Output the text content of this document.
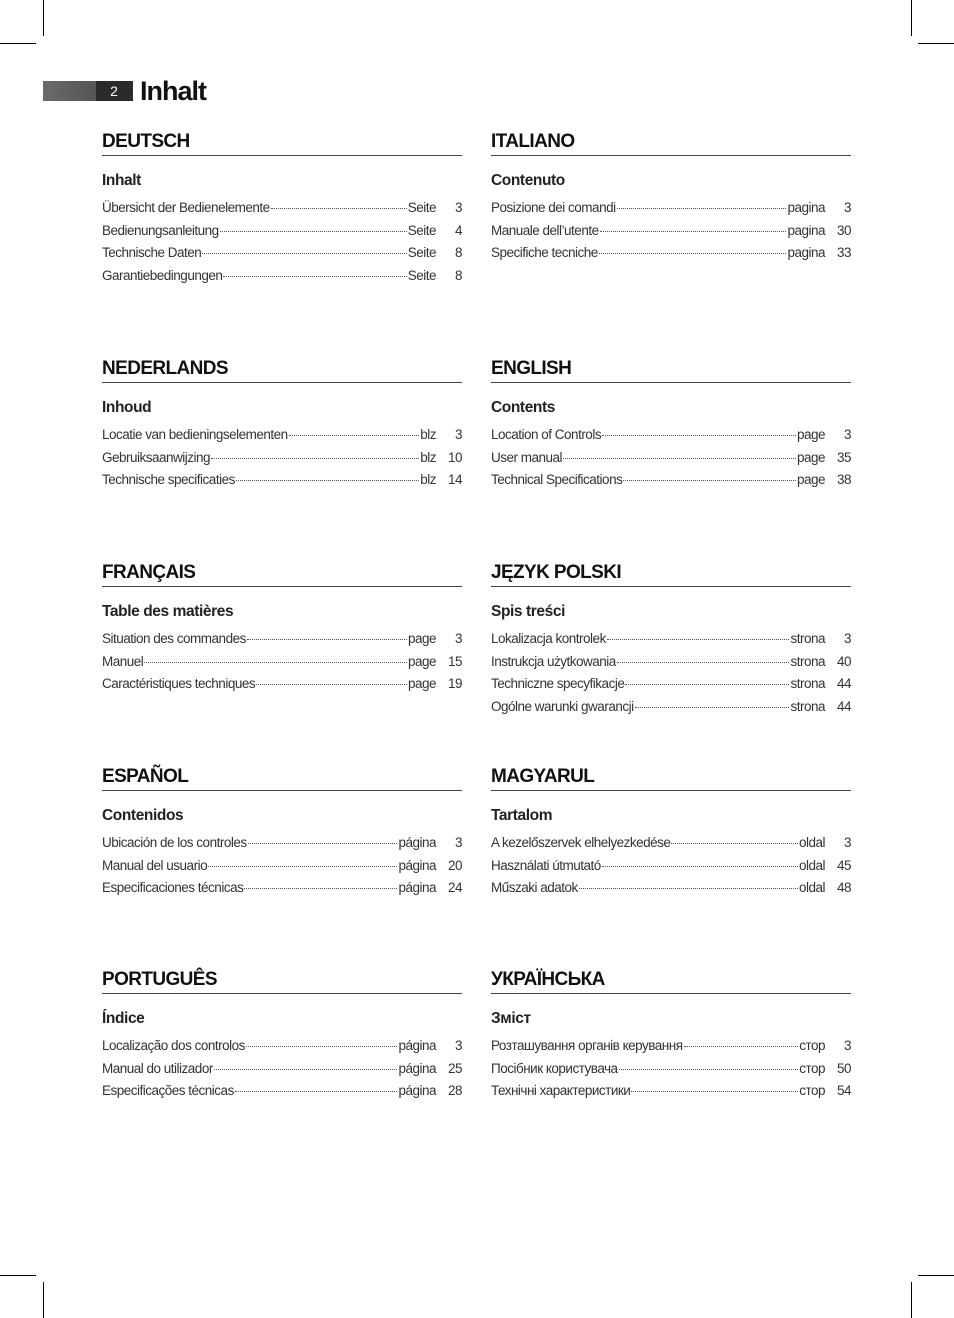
2 Inhalt
DEUTSCH
Inhalt
Übersicht der Bedienelemente	Seite	3
Bedienungsanleitung	Seite	4
Technische Daten	Seite	8
Garantiebedingungen	Seite	8
ITALIANO
Contenuto
Posizione dei comandi	pagina	3
Manuale dell’utente	pagina 30
Specifiche tecniche	pagina 33
NEDERLANDS
Inhoud
Locatie van bedieningselementen	blz	3
Gebruiksaanwijzing	blz 10
Technische specificaties	blz 14
ENGLISH
Contents
Location of Controls	page	3
User manual	page 35
Technical Specifications	page 38
FRANÇAIS
Table des matières
Situation des commandes	page	3
Manuel	page 15
Caractéristiques techniques	page 19
JĘZYK POLSKI
Spis treści
Lokalizacja kontrolek	strona	3
Instrukcja użytkowania	strona 40
Techniczne specyfikacje	strona 44
Ogólne warunki gwarancji	strona 44
ESPAÑOL
Contenidos
Ubicación de los controles	página	3
Manual del usuario	página 20
Especificaciones técnicas	página 24
MAGYARUL
Tartalom
A kezelőszervek elhelyezkedése	oldal	3
Használati útmutató	oldal 45
Műszaki adatok	oldal 48
PORTUGUÊS
Índice
Localização dos controlos	página	3
Manual do utilizador	página 25
Especificações técnicas	página 28
УКРАЇНСЬКА
Зміст
Розташування органів керування	стор	3
Посібник користувача	стор 50
Технічні характеристики	стор 54
